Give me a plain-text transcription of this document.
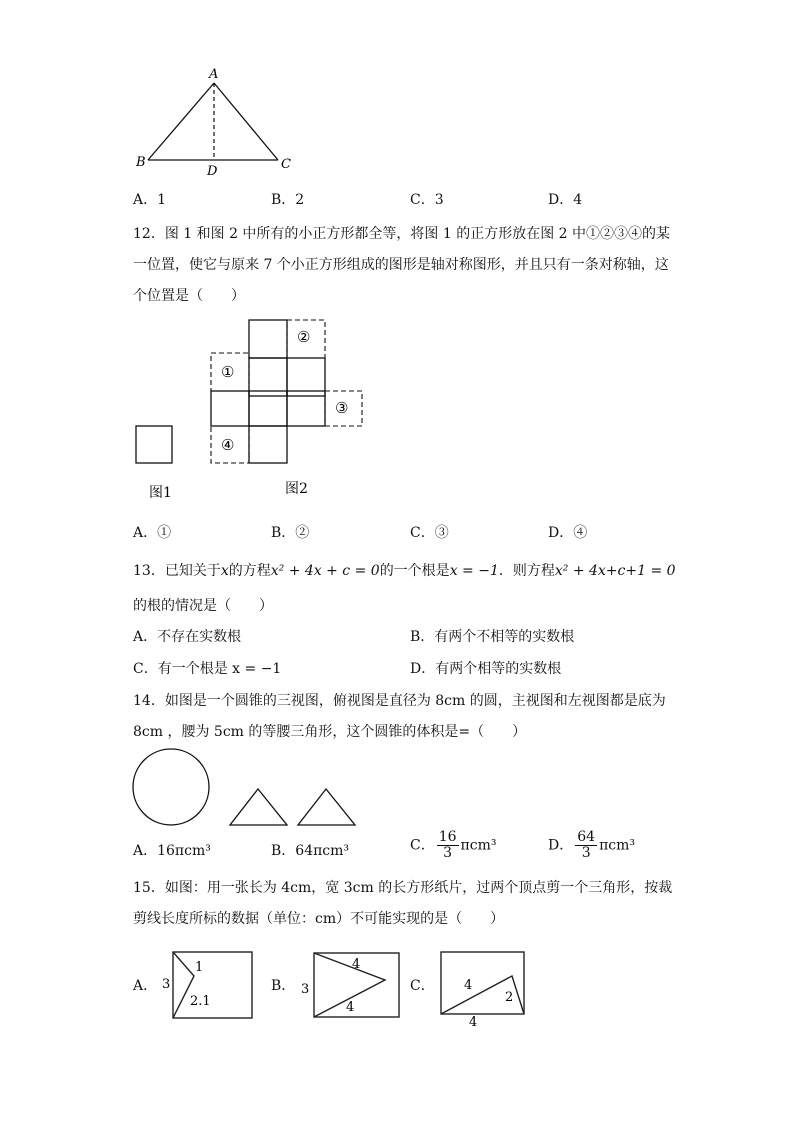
A
B	C
D
A．1	B．2	C．3	D．4
12．图 1 和图 2 中所有的小正方形都全等，将图 1 的正方形放在图 2 中①②③④的某
一位置，使它与原来 7 个小正方形组成的图形是轴对称图形，并且只有一条对称轴，这
个位置是（　　）
①
②
③
④
图1	图2
A．①	B．②	C．③	D．④
13．已知关于x的方程x² + 4x + c = 0的一个根是x = −1．则方程x² + 4x+c+1 = 0
的根的情况是（　　）
A．不存在实数根	B．有两个不相等的实数根
C．有一个根是 x = −1	D．有两个相等的实数根
14．如图是一个圆锥的三视图，俯视图是直径为 8cm 的圆，主视图和左视图都是底为
8cm ，腰为 5cm 的等腰三角形，这个圆锥的体积是=（　　）
A．16πcm³	B．64πcm³	C． $\frac{16}{3} \pi cm^3$	D． $\frac{64}{3} \pi cm^3$
15．如图：用一张长为 4cm，宽 3cm 的长方形纸片，过两个顶点剪一个三角形，按裁
剪线长度所标的数据（单位：cm）不可能实现的是（　　）
A．	B．	C．
3
1
2.1
3
4
4
4
2
4
